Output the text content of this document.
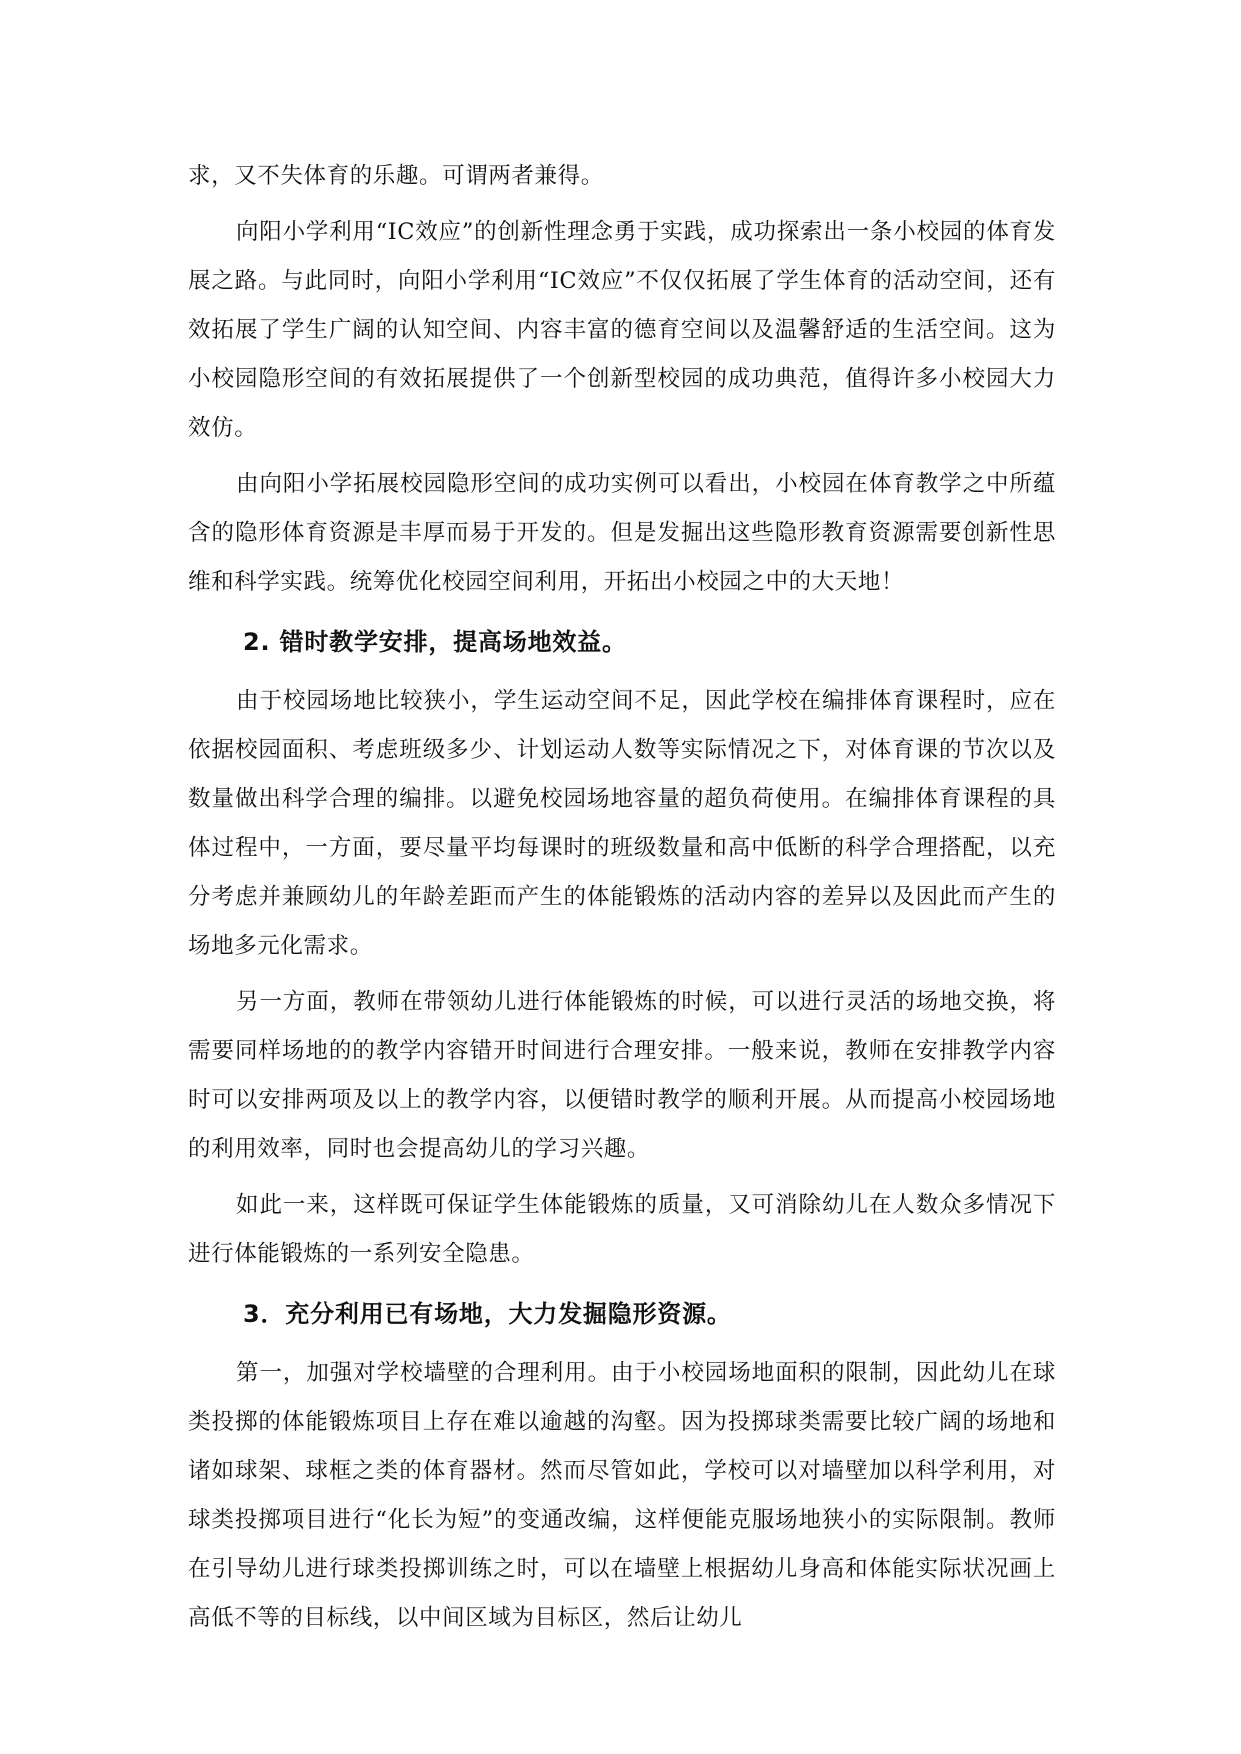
求，又不失体育的乐趣。可谓两者兼得。

向阳小学利用“IC效应”的创新性理念勇于实践，成功探索出一条小校园的体育发展之路。与此同时，向阳小学利用“IC效应”不仅仅拓展了学生体育的活动空间，还有效拓展了学生广阔的认知空间、内容丰富的德育空间以及温馨舒适的生活空间。这为小校园隐形空间的有效拓展提供了一个创新型校园的成功典范，值得许多小校园大力效仿。

由向阳小学拓展校园隐形空间的成功实例可以看出，小校园在体育教学之中所蕴含的隐形体育资源是丰厚而易于开发的。但是发掘出这些隐形教育资源需要创新性思维和科学实践。统筹优化校园空间利用，开拓出小校园之中的大天地！

2. 错时教学安排，提高场地效益。

由于校园场地比较狭小，学生运动空间不足，因此学校在编排体育课程时，应在依据校园面积、考虑班级多少、计划运动人数等实际情况之下，对体育课的节次以及数量做出科学合理的编排。以避免校园场地容量的超负荷使用。在编排体育课程的具体过程中，一方面，要尽量平均每课时的班级数量和高中低断的科学合理搭配，以充分考虑并兼顾幼儿的年龄差距而产生的体能锻炼的活动内容的差异以及因此而产生的场地多元化需求。

另一方面，教师在带领幼儿进行体能锻炼的时候，可以进行灵活的场地交换，将需要同样场地的的教学内容错开时间进行合理安排。一般来说，教师在安排教学内容时可以安排两项及以上的教学内容，以便错时教学的顺利开展。从而提高小校园场地的利用效率，同时也会提高幼儿的学习兴趣。

如此一来，这样既可保证学生体能锻炼的质量，又可消除幼儿在人数众多情况下进行体能锻炼的一系列安全隐患。

3．充分利用已有场地，大力发掘隐形资源。

第一，加强对学校墙壁的合理利用。由于小校园场地面积的限制，因此幼儿在球类投掷的体能锻炼项目上存在难以逾越的沟壑。因为投掷球类需要比较广阔的场地和诸如球架、球框之类的体育器材。然而尽管如此，学校可以对墙壁加以科学利用，对球类投掷项目进行“化长为短”的变通改编，这样便能克服场地狭小的实际限制。教师在引导幼儿进行球类投掷训练之时，可以在墙壁上根据幼儿身高和体能实际状况画上高低不等的目标线，以中间区域为目标区，然后让幼儿
